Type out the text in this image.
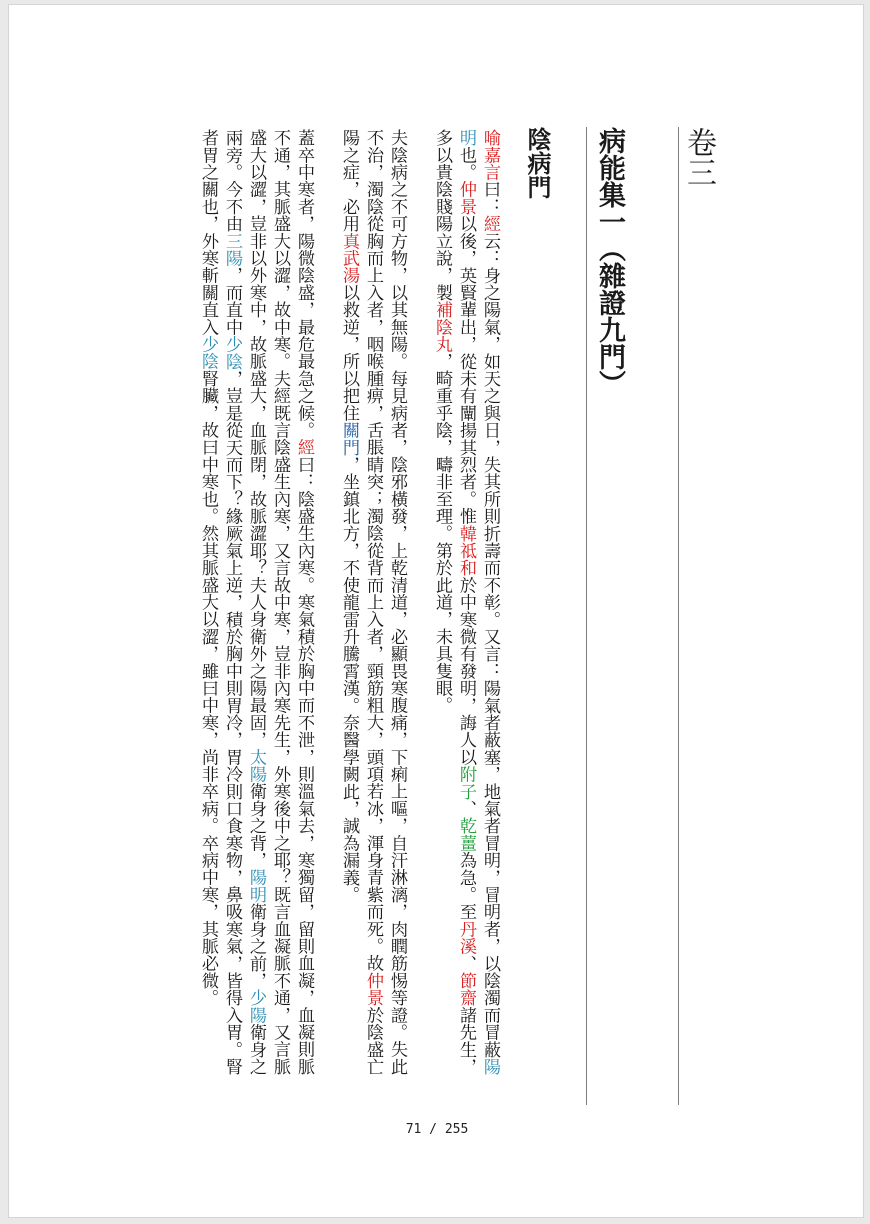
卷三
病能集一（雜證九門）
陰病門
喻嘉言曰：經云：身之陽氣，如天之與日，失其所則折壽而不彰。又言：陽氣者蔽塞，地氣者冒明，冒明者，以陰濁而冒蔽陽
明也。仲景以後，英賢輩出，從未有闡揚其烈者。惟韓祗和於中寒微有發明，誨人以附子、乾薑為急。至丹溪、節齋諸先生，
多以貴陰賤陽立說，製補陰丸，畸重乎陰，疇非至理。第於此道，未具隻眼。
夫陰病之不可方物，以其無陽。每見病者，陰邪橫發，上乾清道，必顯畏寒腹痛，下痢上嘔，自汗淋漓，肉瞤筋惕等證。失此
不治，濁陰從胸而上入者，咽喉腫痹，舌脹睛突；濁陰從背而上入者，頸筋粗大，頭項若冰，渾身青紫而死。故仲景於陰盛亡
陽之症，必用真武湯以救逆，所以把住關門，坐鎮北方，不使龍雷升騰霄漢。奈醫學闕此，誠為漏義。
蓋卒中寒者，陽微陰盛，最危最急之候。經曰：陰盛生內寒。寒氣積於胸中而不泄，則溫氣去，寒獨留，留則血凝，血凝則脈
不通，其脈盛大以澀，故中寒。夫經既言陰盛生內寒，又言故中寒，豈非內寒先生，外寒後中之耶？既言血凝脈不通，又言脈
盛大以澀，豈非以外寒中，故脈盛大，血脈閉，故脈澀耶？夫人身衛外之陽最固，太陽衛身之背，陽明衛身之前，少陽衛身之
兩旁。今不由三陽，而直中少陰，豈是從天而下？緣厥氣上逆，積於胸中則胃冷，胃冷則口食寒物，鼻吸寒氣，皆得入胃。腎
者胃之關也，外寒斬關直入少陰腎臟，故曰中寒也。然其脈盛大以澀，雖曰中寒，尚非卒病。卒病中寒，其脈必微。
71 / 255
